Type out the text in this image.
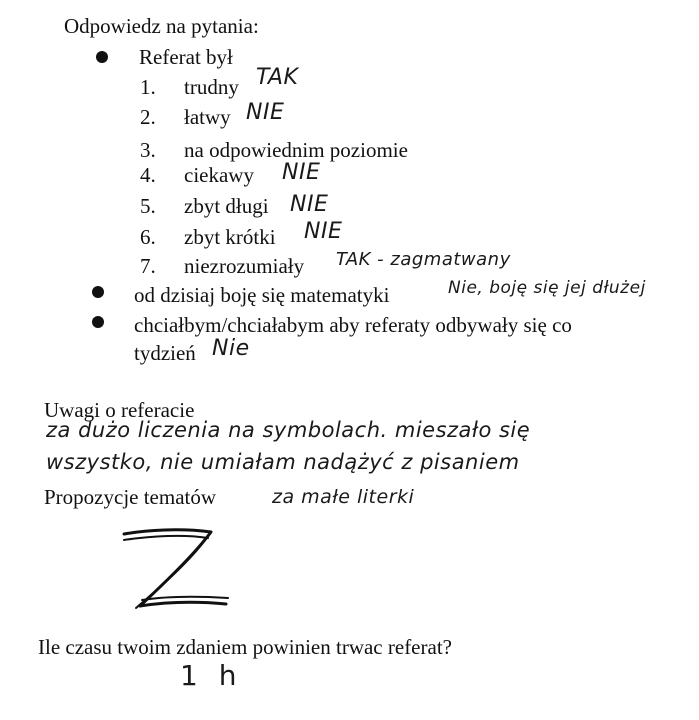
Odpowiedz na pytania:
Referat był
1. trudny TAK
2. łatwy NIE
3. na odpowiednim poziomie
4. ciekawy NIE
5. zbyt długi NIE
6. zbyt krótki NIE
7. niezrozumiały TAK - zagmatwany
od dzisiaj boję się matematyki	Nie, boję się jej dłużej
chciałbym/chciałabym aby referaty odbywały się co
tydzień Nie
Uwagi o referacie
za dużo liczenia na symbolach. mieszało się
wszystko, nie umiałam nadążyć z pisaniem
Propozycje tematów	za małe literki
Ile czasu twoim zdaniem powinien trwac referat?
1 h
